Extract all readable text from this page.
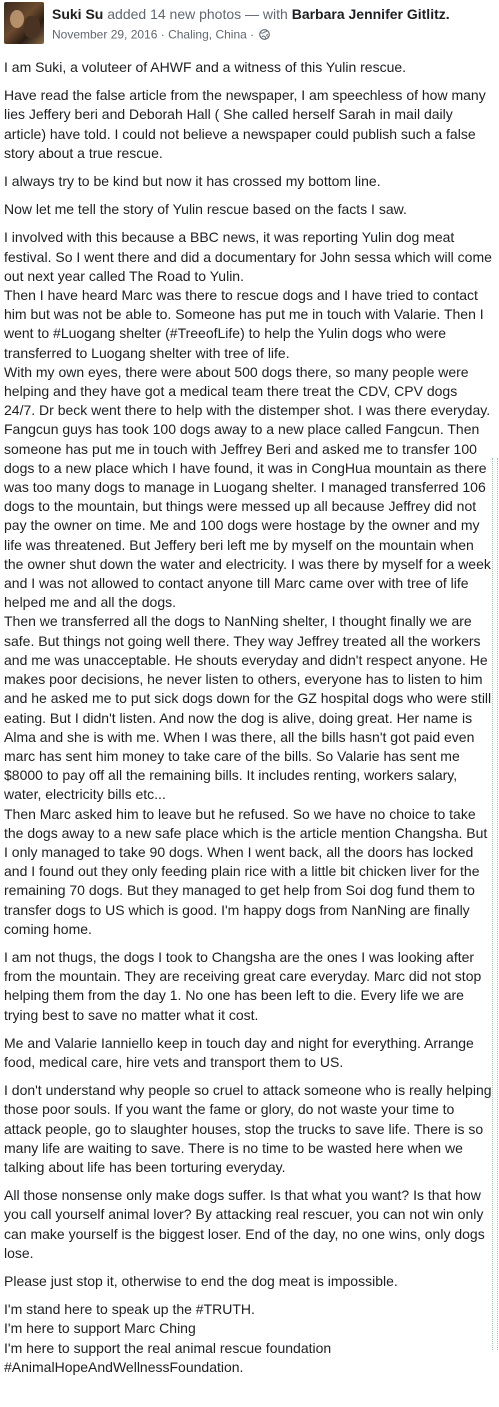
Suki Su added 14 new photos — with Barbara Jennifer Gitlitz.
November 29, 2016 · Chaling, China ·

I am Suki, a voluteer of AHWF and a witness of this Yulin rescue.

Have read the false article from the newspaper, I am speechless of how many lies Jeffery beri and Deborah Hall ( She called herself Sarah in mail daily article) have told. I could not believe a newspaper could publish such a false story about a true rescue.

I always try to be kind but now it has crossed my bottom line.

Now let me tell the story of Yulin rescue based on the facts I saw.

I involved with this because a BBC news, it was reporting Yulin dog meat festival. So I went there and did a documentary for John sessa which will come out next year called The Road to Yulin.
Then I have heard Marc was there to rescue dogs and I have tried to contact him but was not be able to. Someone has put me in touch with Valarie. Then I went to #Luogang shelter (#TreeofLife) to help the Yulin dogs who were transferred to Luogang shelter with tree of life.
With my own eyes, there were about 500 dogs there, so many people were helping and they have got a medical team there treat the CDV, CPV dogs 24/7. Dr beck went there to help with the distemper shot. I was there everyday. Fangcun guys has took 100 dogs away to a new place called Fangcun. Then someone has put me in touch with Jeffrey Beri and asked me to transfer 100 dogs to a new place which I have found, it was in CongHua mountain as there was too many dogs to manage in Luogang shelter. I managed transferred 106 dogs to the mountain, but things were messed up all because Jeffrey did not pay the owner on time. Me and 100 dogs were hostage by the owner and my life was threatened. But Jeffery beri left me by myself on the mountain when the owner shut down the water and electricity. I was there by myself for a week and I was not allowed to contact anyone till Marc came over with tree of life helped me and all the dogs.
Then we transferred all the dogs to NanNing shelter, I thought finally we are safe. But things not going well there. They way Jeffrey treated all the workers and me was unacceptable. He shouts everyday and didn't respect anyone. He makes poor decisions, he never listen to others, everyone has to listen to him and he asked me to put sick dogs down for the GZ hospital dogs who were still eating. But I didn't listen. And now the dog is alive, doing great. Her name is Alma and she is with me. When I was there, all the bills hasn't got paid even marc has sent him money to take care of the bills. So Valarie has sent me $8000 to pay off all the remaining bills. It includes renting, workers salary, water, electricity bills etc...
Then Marc asked him to leave but he refused. So we have no choice to take the dogs away to a new safe place which is the article mention Changsha. But I only managed to take 90 dogs. When I went back, all the doors has locked and I found out they only feeding plain rice with a little bit chicken liver for the remaining 70 dogs. But they managed to get help from Soi dog fund them to transfer dogs to US which is good. I'm happy dogs from NanNing are finally coming home.

I am not thugs, the dogs I took to Changsha are the ones I was looking after from the mountain. They are receiving great care everyday. Marc did not stop helping them from the day 1. No one has been left to die. Every life we are trying best to save no matter what it cost.

Me and Valarie Ianniello keep in touch day and night for everything. Arrange food, medical care, hire vets and transport them to US.

I don't understand why people so cruel to attack someone who is really helping those poor souls. If you want the fame or glory, do not waste your time to attack people, go to slaughter houses, stop the trucks to save life. There is so many life are waiting to save. There is no time to be wasted here when we talking about life has been torturing everyday.

All those nonsense only make dogs suffer. Is that what you want? Is that how you call yourself animal lover? By attacking real rescuer, you can not win only can make yourself is the biggest loser. End of the day, no one wins, only dogs lose.

Please just stop it, otherwise to end the dog meat is impossible.

I'm stand here to speak up the #TRUTH.
I'm here to support Marc Ching
I'm here to support the real animal rescue foundation
#AnimalHopeAndWellnessFoundation.
